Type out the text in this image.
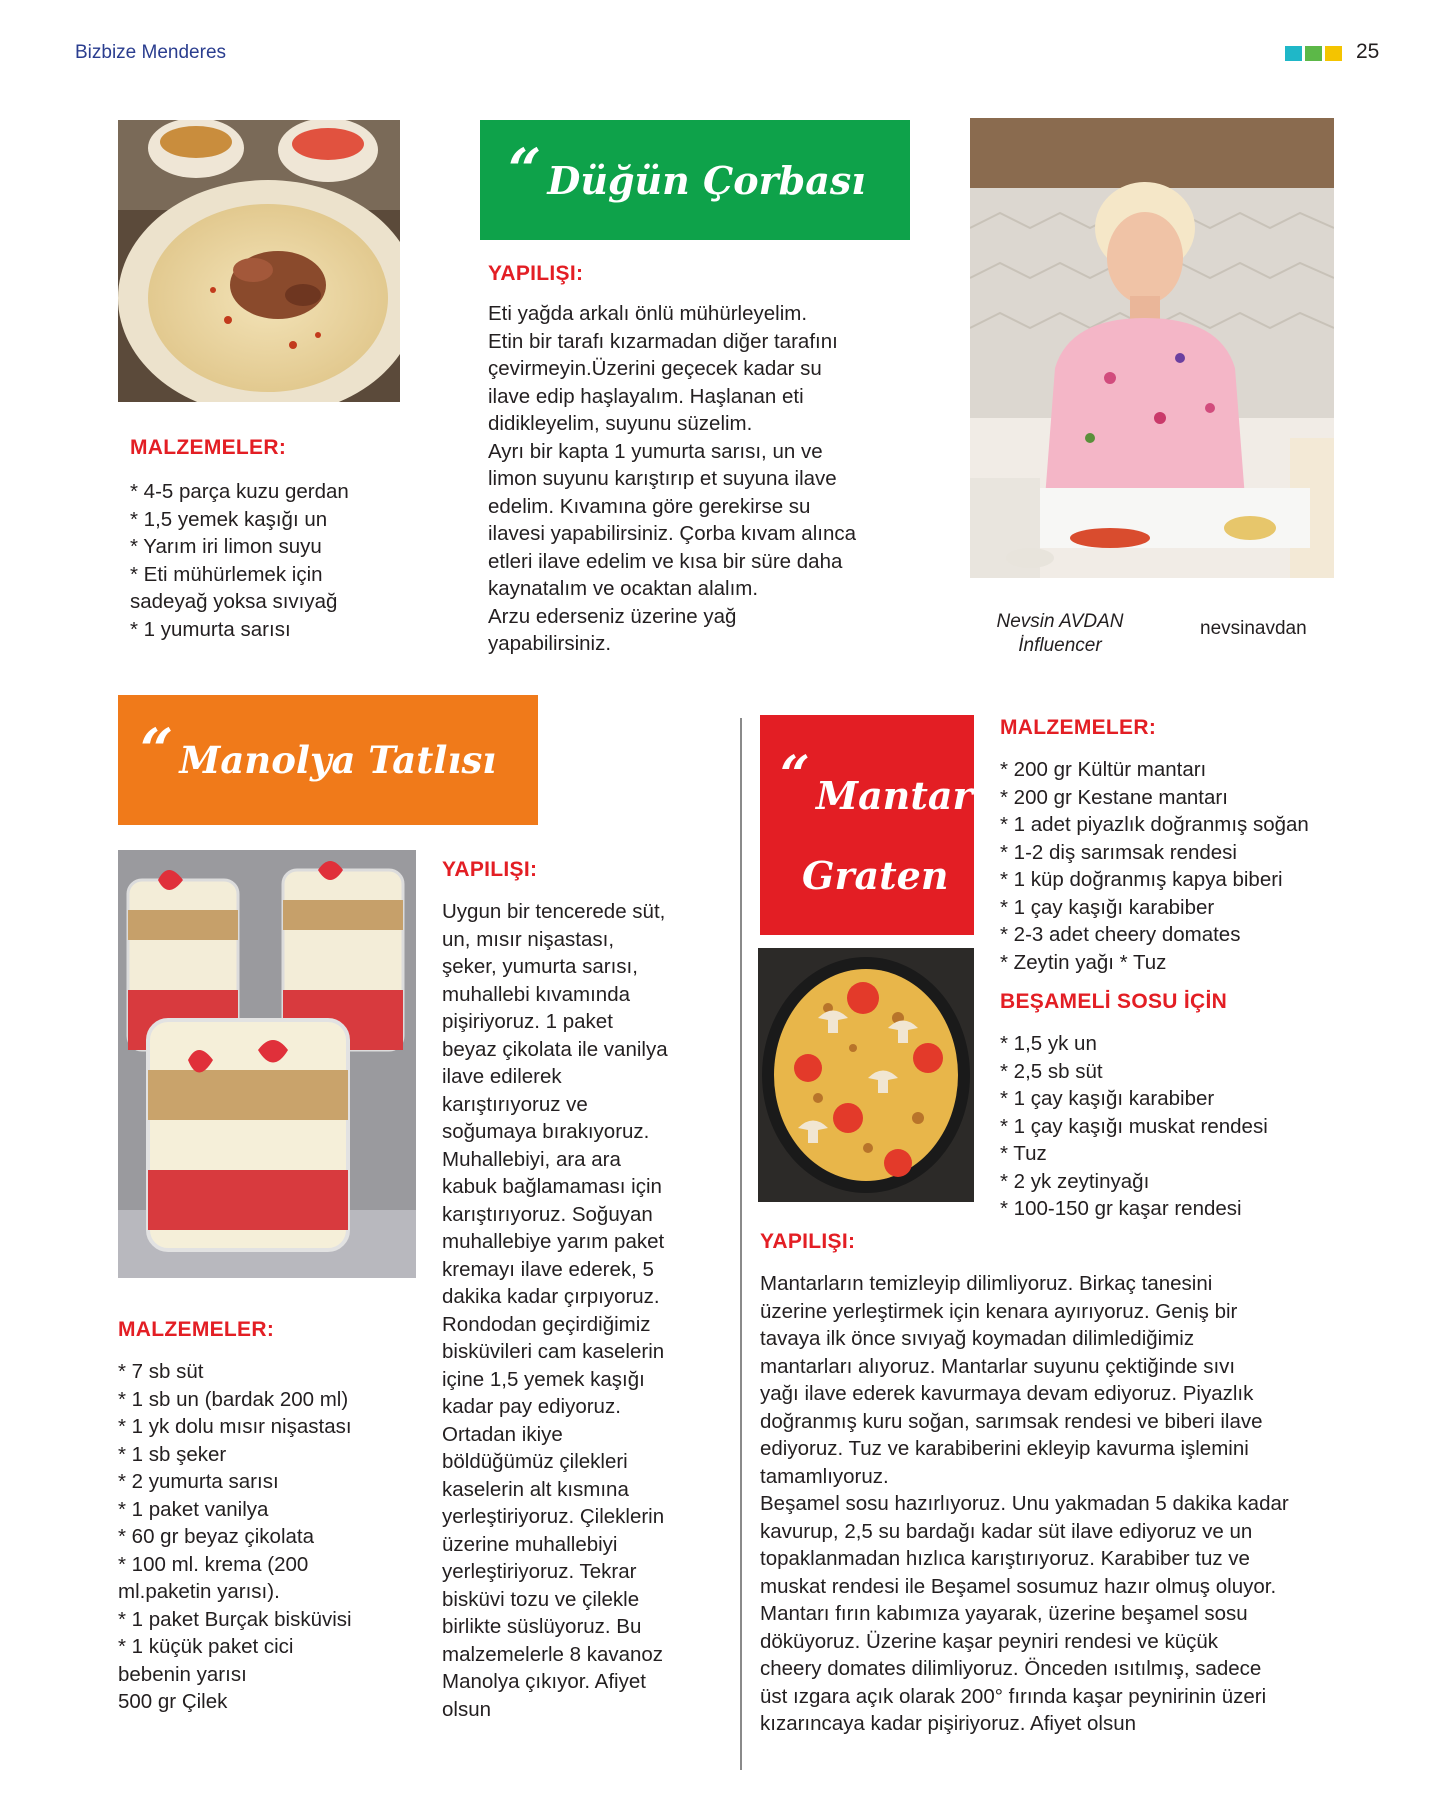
Bizbize Menderes	25
“ Düğün Çorbası
YAPILIŞI:
Eti yağda arkalı önlü mühürleyelim.
Etin bir tarafı kızarmadan diğer tarafını
çevirmeyin.Üzerini geçecek kadar su
ilave edip haşlayalım. Haşlanan eti
didikleyelim, suyunu süzelim.
Ayrı bir kapta 1 yumurta sarısı, un ve
limon suyunu karıştırıp et suyuna ilave
edelim. Kıvamına göre gerekirse su
ilavesi yapabilirsiniz. Çorba kıvam alınca
etleri ilave edelim ve kısa bir süre daha
kaynatalım ve ocaktan alalım.
Arzu ederseniz üzerine yağ
yapabilirsiniz.
MALZEMELER:
* 4-5 parça kuzu gerdan
* 1,5 yemek kaşığı un
* Yarım iri limon suyu
* Eti mühürlemek için
sadeyağ yoksa sıvıyağ
* 1 yumurta sarısı	Nevsin AVDAN
İnfluencer
nevsinavdan
“ Manolya Tatlısı
YAPILIŞI:
Uygun bir tencerede süt,
un, mısır nişastası,
şeker, yumurta sarısı,
muhallebi kıvamında
pişiriyoruz. 1 paket
beyaz çikolata ile vanilya
ilave edilerek
karıştırıyoruz ve
soğumaya bırakıyoruz.
Muhallebiyi, ara ara
kabuk bağlamaması için
karıştırıyoruz. Soğuyan
muhallebiye yarım paket
kremayı ilave ederek, 5
dakika kadar çırpıyoruz.
Rondodan geçirdiğimiz
bisküvileri cam kaselerin
içine 1,5 yemek kaşığı
kadar pay ediyoruz.
Ortadan ikiye
böldüğümüz çilekleri
kaselerin alt kısmına
yerleştiriyoruz. Çileklerin
üzerine muhallebiyi
yerleştiriyoruz. Tekrar
bisküvi tozu ve çilekle
birlikte süslüyoruz. Bu
malzemelerle 8 kavanoz
Manolya çıkıyor. Afiyet
olsun
MALZEMELER:
* 7 sb süt
* 1 sb un (bardak 200 ml)
* 1 yk dolu mısır nişastası
* 1 sb şeker
* 2 yumurta sarısı
* 1 paket vanilya
* 60 gr beyaz çikolata
* 100 ml. krema (200
ml.paketin yarısı).
* 1 paket Burçak bisküvisi
* 1 küçük paket cici
bebenin yarısı
500 gr Çilek
“ Mantar
Graten
MALZEMELER:
* 200 gr Kültür mantarı
* 200 gr Kestane mantarı
* 1 adet piyazlık doğranmış soğan
* 1-2 diş sarımsak rendesi
* 1 küp doğranmış kapya biberi
* 1 çay kaşığı karabiber
* 2-3 adet cheery domates
* Zeytin yağı * Tuz
BEŞAMELİ SOSU İÇİN
* 1,5 yk un
* 2,5 sb süt
* 1 çay kaşığı karabiber
* 1 çay kaşığı muskat rendesi
* Tuz
* 2 yk zeytinyağı
* 100-150 gr kaşar rendesi
YAPILIŞI:
Mantarların temizleyip dilimliyoruz. Birkaç tanesini
üzerine yerleştirmek için kenara ayırıyoruz. Geniş bir
tavaya ilk önce sıvıyağ koymadan dilimlediğimiz
mantarları alıyoruz. Mantarlar suyunu çektiğinde sıvı
yağı ilave ederek kavurmaya devam ediyoruz. Piyazlık
doğranmış kuru soğan, sarımsak rendesi ve biberi ilave
ediyoruz. Tuz ve karabiberini ekleyip kavurma işlemini
tamamlıyoruz.
Beşamel sosu hazırlıyoruz. Unu yakmadan 5 dakika kadar
kavurup, 2,5 su bardağı kadar süt ilave ediyoruz ve un
topaklanmadan hızlıca karıştırıyoruz. Karabiber tuz ve
muskat rendesi ile Beşamel sosumuz hazır olmuş oluyor.
Mantarı fırın kabımıza yayarak, üzerine beşamel sosu
döküyoruz. Üzerine kaşar peyniri rendesi ve küçük
cheery domates dilimliyoruz. Önceden ısıtılmış, sadece
üst ızgara açık olarak 200° fırında kaşar peynirinin üzeri
kızarıncaya kadar pişiriyoruz. Afiyet olsun
